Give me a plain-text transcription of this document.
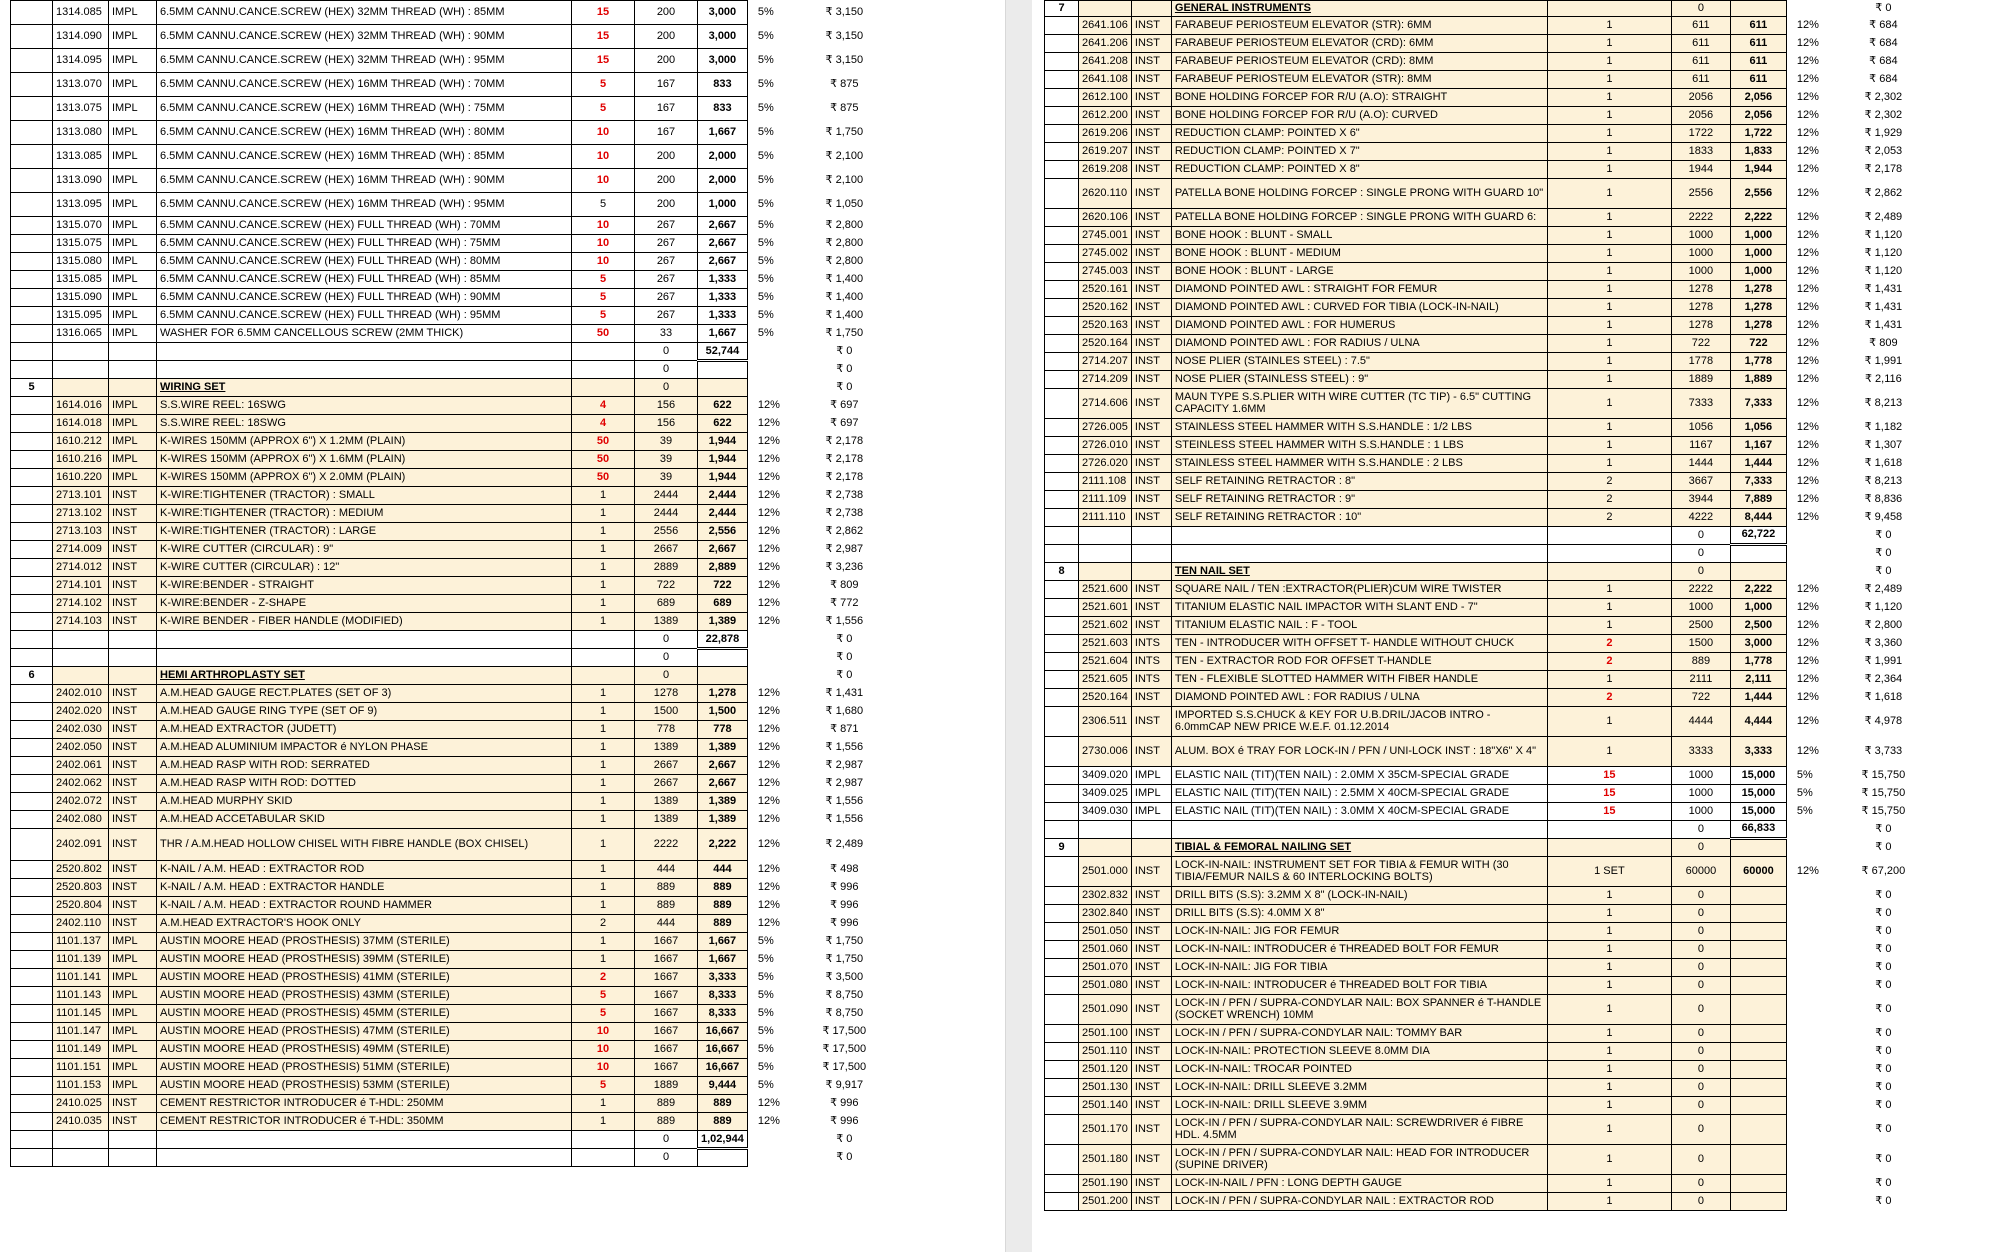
	1314.085	IMPL	6.5MM CANNU.CANCE.SCREW (HEX) 32MM THREAD (WH) : 85MM	15	200	3,000	5%	₹ 3,150
	1314.090	IMPL	6.5MM CANNU.CANCE.SCREW (HEX) 32MM THREAD (WH) : 90MM	15	200	3,000	5%	₹ 3,150
	1314.095	IMPL	6.5MM CANNU.CANCE.SCREW (HEX) 32MM THREAD (WH) : 95MM	15	200	3,000	5%	₹ 3,150
	1313.070	IMPL	6.5MM CANNU.CANCE.SCREW (HEX) 16MM THREAD (WH) : 70MM	5	167	833	5%	₹ 875
	1313.075	IMPL	6.5MM CANNU.CANCE.SCREW (HEX) 16MM THREAD (WH) : 75MM	5	167	833	5%	₹ 875
	1313.080	IMPL	6.5MM CANNU.CANCE.SCREW (HEX) 16MM THREAD (WH) : 80MM	10	167	1,667	5%	₹ 1,750
	1313.085	IMPL	6.5MM CANNU.CANCE.SCREW (HEX) 16MM THREAD (WH) : 85MM	10	200	2,000	5%	₹ 2,100
	1313.090	IMPL	6.5MM CANNU.CANCE.SCREW (HEX) 16MM THREAD (WH) : 90MM	10	200	2,000	5%	₹ 2,100
	1313.095	IMPL	6.5MM CANNU.CANCE.SCREW (HEX) 16MM THREAD (WH) : 95MM	5	200	1,000	5%	₹ 1,050
	1315.070	IMPL	6.5MM CANNU.CANCE.SCREW (HEX) FULL THREAD (WH) : 70MM	10	267	2,667	5%	₹ 2,800
	1315.075	IMPL	6.5MM CANNU.CANCE.SCREW (HEX) FULL THREAD (WH) : 75MM	10	267	2,667	5%	₹ 2,800
	1315.080	IMPL	6.5MM CANNU.CANCE.SCREW (HEX) FULL THREAD (WH) : 80MM	10	267	2,667	5%	₹ 2,800
	1315.085	IMPL	6.5MM CANNU.CANCE.SCREW (HEX) FULL THREAD (WH) : 85MM	5	267	1,333	5%	₹ 1,400
	1315.090	IMPL	6.5MM CANNU.CANCE.SCREW (HEX) FULL THREAD (WH) : 90MM	5	267	1,333	5%	₹ 1,400
	1315.095	IMPL	6.5MM CANNU.CANCE.SCREW (HEX) FULL THREAD (WH) : 95MM	5	267	1,333	5%	₹ 1,400
	1316.065	IMPL	WASHER FOR 6.5MM CANCELLOUS SCREW (2MM THICK)	50	33	1,667	5%	₹ 1,750
					0	52,744		₹ 0
					0			₹ 0
5			WIRING SET		0			₹ 0
	1614.016	IMPL	S.S.WIRE REEL: 16SWG	4	156	622	12%	₹ 697
	1614.018	IMPL	S.S.WIRE REEL: 18SWG	4	156	622	12%	₹ 697
	1610.212	IMPL	K-WIRES 150MM (APPROX 6") X 1.2MM (PLAIN)	50	39	1,944	12%	₹ 2,178
	1610.216	IMPL	K-WIRES 150MM (APPROX 6") X 1.6MM (PLAIN)	50	39	1,944	12%	₹ 2,178
	1610.220	IMPL	K-WIRES 150MM (APPROX 6") X 2.0MM (PLAIN)	50	39	1,944	12%	₹ 2,178
	2713.101	INST	K-WIRE:TIGHTENER (TRACTOR) : SMALL	1	2444	2,444	12%	₹ 2,738
	2713.102	INST	K-WIRE:TIGHTENER (TRACTOR) : MEDIUM	1	2444	2,444	12%	₹ 2,738
	2713.103	INST	K-WIRE:TIGHTENER (TRACTOR) : LARGE	1	2556	2,556	12%	₹ 2,862
	2714.009	INST	K-WIRE CUTTER (CIRCULAR) : 9"	1	2667	2,667	12%	₹ 2,987
	2714.012	INST	K-WIRE CUTTER (CIRCULAR) : 12"	1	2889	2,889	12%	₹ 3,236
	2714.101	INST	K-WIRE:BENDER - STRAIGHT	1	722	722	12%	₹ 809
	2714.102	INST	K-WIRE:BENDER - Z-SHAPE	1	689	689	12%	₹ 772
	2714.103	INST	K-WIRE BENDER - FIBER HANDLE (MODIFIED)	1	1389	1,389	12%	₹ 1,556
					0	22,878		₹ 0
					0			₹ 0
6			HEMI ARTHROPLASTY SET		0			₹ 0
	2402.010	INST	A.M.HEAD GAUGE RECT.PLATES (SET OF 3)	1	1278	1,278	12%	₹ 1,431
	2402.020	INST	A.M.HEAD GAUGE RING TYPE (SET OF 9)	1	1500	1,500	12%	₹ 1,680
	2402.030	INST	A.M.HEAD EXTRACTOR (JUDETT)	1	778	778	12%	₹ 871
	2402.050	INST	A.M.HEAD ALUMINIUM IMPACTOR é NYLON PHASE	1	1389	1,389	12%	₹ 1,556
	2402.061	INST	A.M.HEAD RASP WITH ROD: SERRATED	1	2667	2,667	12%	₹ 2,987
	2402.062	INST	A.M.HEAD RASP WITH ROD: DOTTED	1	2667	2,667	12%	₹ 2,987
	2402.072	INST	A.M.HEAD MURPHY SKID	1	1389	1,389	12%	₹ 1,556
	2402.080	INST	A.M.HEAD ACCETABULAR SKID	1	1389	1,389	12%	₹ 1,556
	2402.091	INST	THR / A.M.HEAD HOLLOW CHISEL WITH FIBRE HANDLE (BOX CHISEL)	1	2222	2,222	12%	₹ 2,489
	2520.802	INST	K-NAIL / A.M. HEAD : EXTRACTOR ROD	1	444	444	12%	₹ 498
	2520.803	INST	K-NAIL / A.M. HEAD : EXTRACTOR HANDLE	1	889	889	12%	₹ 996
	2520.804	INST	K-NAIL / A.M. HEAD : EXTRACTOR ROUND HAMMER	1	889	889	12%	₹ 996
	2402.110	INST	A.M.HEAD EXTRACTOR'S HOOK ONLY	2	444	889	12%	₹ 996
	1101.137	IMPL	AUSTIN MOORE HEAD (PROSTHESIS) 37MM (STERILE)	1	1667	1,667	5%	₹ 1,750
	1101.139	IMPL	AUSTIN MOORE HEAD (PROSTHESIS) 39MM (STERILE)	1	1667	1,667	5%	₹ 1,750
	1101.141	IMPL	AUSTIN MOORE HEAD (PROSTHESIS) 41MM (STERILE)	2	1667	3,333	5%	₹ 3,500
	1101.143	IMPL	AUSTIN MOORE HEAD (PROSTHESIS) 43MM (STERILE)	5	1667	8,333	5%	₹ 8,750
	1101.145	IMPL	AUSTIN MOORE HEAD (PROSTHESIS) 45MM (STERILE)	5	1667	8,333	5%	₹ 8,750
	1101.147	IMPL	AUSTIN MOORE HEAD (PROSTHESIS) 47MM (STERILE)	10	1667	16,667	5%	₹ 17,500
	1101.149	IMPL	AUSTIN MOORE HEAD (PROSTHESIS) 49MM (STERILE)	10	1667	16,667	5%	₹ 17,500
	1101.151	IMPL	AUSTIN MOORE HEAD (PROSTHESIS) 51MM (STERILE)	10	1667	16,667	5%	₹ 17,500
	1101.153	IMPL	AUSTIN MOORE HEAD (PROSTHESIS) 53MM (STERILE)	5	1889	9,444	5%	₹ 9,917
	2410.025	INST	CEMENT RESTRICTOR INTRODUCER é T-HDL: 250MM	1	889	889	12%	₹ 996
	2410.035	INST	CEMENT RESTRICTOR INTRODUCER é T-HDL: 350MM	1	889	889	12%	₹ 996
					0	1,02,944		₹ 0
					0			₹ 0
7			GENERAL INSTRUMENTS		0			₹ 0
	2641.106	INST	FARABEUF PERIOSTEUM ELEVATOR (STR): 6MM	1	611	611	12%	₹ 684
	2641.206	INST	FARABEUF PERIOSTEUM ELEVATOR (CRD): 6MM	1	611	611	12%	₹ 684
	2641.208	INST	FARABEUF PERIOSTEUM ELEVATOR (CRD): 8MM	1	611	611	12%	₹ 684
	2641.108	INST	FARABEUF PERIOSTEUM ELEVATOR (STR): 8MM	1	611	611	12%	₹ 684
	2612.100	INST	BONE HOLDING FORCEP FOR R/U (A.O): STRAIGHT	1	2056	2,056	12%	₹ 2,302
	2612.200	INST	BONE HOLDING FORCEP FOR R/U (A.O): CURVED	1	2056	2,056	12%	₹ 2,302
	2619.206	INST	REDUCTION CLAMP: POINTED X 6"	1	1722	1,722	12%	₹ 1,929
	2619.207	INST	REDUCTION CLAMP: POINTED X 7"	1	1833	1,833	12%	₹ 2,053
	2619.208	INST	REDUCTION CLAMP: POINTED X 8"	1	1944	1,944	12%	₹ 2,178
	2620.110	INST	PATELLA BONE HOLDING FORCEP : SINGLE PRONG WITH GUARD 10"	1	2556	2,556	12%	₹ 2,862
	2620.106	INST	PATELLA BONE HOLDING FORCEP : SINGLE PRONG WITH GUARD 6:	1	2222	2,222	12%	₹ 2,489
	2745.001	INST	BONE HOOK : BLUNT - SMALL	1	1000	1,000	12%	₹ 1,120
	2745.002	INST	BONE HOOK : BLUNT - MEDIUM	1	1000	1,000	12%	₹ 1,120
	2745.003	INST	BONE HOOK : BLUNT - LARGE	1	1000	1,000	12%	₹ 1,120
	2520.161	INST	DIAMOND POINTED AWL : STRAIGHT FOR FEMUR	1	1278	1,278	12%	₹ 1,431
	2520.162	INST	DIAMOND POINTED AWL : CURVED FOR TIBIA (LOCK-IN-NAIL)	1	1278	1,278	12%	₹ 1,431
	2520.163	INST	DIAMOND POINTED AWL : FOR HUMERUS	1	1278	1,278	12%	₹ 1,431
	2520.164	INST	DIAMOND POINTED AWL : FOR RADIUS / ULNA	1	722	722	12%	₹ 809
	2714.207	INST	NOSE PLIER (STAINLES STEEL) : 7.5"	1	1778	1,778	12%	₹ 1,991
	2714.209	INST	NOSE PLIER (STAINLESS STEEL) : 9"	1	1889	1,889	12%	₹ 2,116
	2714.606	INST	MAUN TYPE S.S.PLIER WITH WIRE CUTTER (TC TIP) - 6.5" CUTTING CAPACITY 1.6MM	1	7333	7,333	12%	₹ 8,213
	2726.005	INST	STAINLESS STEEL HAMMER WITH S.S.HANDLE : 1/2 LBS	1	1056	1,056	12%	₹ 1,182
	2726.010	INST	STEINLESS STEEL HAMMER WITH S.S.HANDLE : 1 LBS	1	1167	1,167	12%	₹ 1,307
	2726.020	INST	STAINLESS STEEL HAMMER WITH S.S.HANDLE : 2 LBS	1	1444	1,444	12%	₹ 1,618
	2111.108	INST	SELF RETAINING RETRACTOR : 8"	2	3667	7,333	12%	₹ 8,213
	2111.109	INST	SELF RETAINING RETRACTOR : 9"	2	3944	7,889	12%	₹ 8,836
	2111.110	INST	SELF RETAINING RETRACTOR : 10"	2	4222	8,444	12%	₹ 9,458
					0	62,722		₹ 0
					0			₹ 0
8			TEN NAIL SET		0			₹ 0
	2521.600	INST	SQUARE NAIL / TEN :EXTRACTOR(PLIER)CUM WIRE TWISTER	1	2222	2,222	12%	₹ 2,489
	2521.601	INST	TITANIUM ELASTIC NAIL IMPACTOR WITH SLANT END - 7"	1	1000	1,000	12%	₹ 1,120
	2521.602	INST	TITANIUM ELASTIC NAIL : F - TOOL	1	2500	2,500	12%	₹ 2,800
	2521.603	INTS	TEN - INTRODUCER WITH OFFSET T- HANDLE WITHOUT CHUCK	2	1500	3,000	12%	₹ 3,360
	2521.604	INTS	TEN - EXTRACTOR ROD FOR OFFSET T-HANDLE	2	889	1,778	12%	₹ 1,991
	2521.605	INTS	TEN - FLEXIBLE SLOTTED HAMMER WITH FIBER HANDLE	1	2111	2,111	12%	₹ 2,364
	2520.164	INST	DIAMOND POINTED AWL : FOR RADIUS / ULNA	2	722	1,444	12%	₹ 1,618
	2306.511	INST	IMPORTED S.S.CHUCK & KEY FOR U.B.DRIL/JACOB INTRO - 6.0mmCAP NEW PRICE W.E.F. 01.12.2014	1	4444	4,444	12%	₹ 4,978
	2730.006	INST	ALUM. BOX é TRAY FOR LOCK-IN / PFN / UNI-LOCK INST : 18"X6" X 4"	1	3333	3,333	12%	₹ 3,733
	3409.020	IMPL	ELASTIC NAIL (TIT)(TEN NAIL) : 2.0MM X 35CM-SPECIAL GRADE	15	1000	15,000	5%	₹ 15,750
	3409.025	IMPL	ELASTIC NAIL (TIT)(TEN NAIL) : 2.5MM X 40CM-SPECIAL GRADE	15	1000	15,000	5%	₹ 15,750
	3409.030	IMPL	ELASTIC NAIL (TIT)(TEN NAIL) : 3.0MM X 40CM-SPECIAL GRADE	15	1000	15,000	5%	₹ 15,750
					0	66,833		₹ 0
9			TIBIAL & FEMORAL NAILING SET		0			₹ 0
	2501.000	INST	LOCK-IN-NAIL: INSTRUMENT SET FOR TIBIA & FEMUR WITH (30 TIBIA/FEMUR NAILS & 60 INTERLOCKING BOLTS)	1 SET	60000	60000	12%	₹ 67,200
	2302.832	INST	DRILL BITS (S.S): 3.2MM X 8" (LOCK-IN-NAIL)	1	0			₹ 0
	2302.840	INST	DRILL BITS (S.S): 4.0MM X 8"	1	0			₹ 0
	2501.050	INST	LOCK-IN-NAIL: JIG FOR FEMUR	1	0			₹ 0
	2501.060	INST	LOCK-IN-NAIL: INTRODUCER é THREADED BOLT FOR FEMUR	1	0			₹ 0
	2501.070	INST	LOCK-IN-NAIL: JIG FOR TIBIA	1	0			₹ 0
	2501.080	INST	LOCK-IN-NAIL: INTRODUCER é THREADED BOLT FOR TIBIA	1	0			₹ 0
	2501.090	INST	LOCK-IN / PFN / SUPRA-CONDYLAR NAIL: BOX SPANNER é T-HANDLE (SOCKET WRENCH) 10MM	1	0			₹ 0
	2501.100	INST	LOCK-IN / PFN / SUPRA-CONDYLAR NAIL: TOMMY BAR	1	0			₹ 0
	2501.110	INST	LOCK-IN-NAIL: PROTECTION SLEEVE 8.0MM DIA	1	0			₹ 0
	2501.120	INST	LOCK-IN-NAIL: TROCAR POINTED	1	0			₹ 0
	2501.130	INST	LOCK-IN-NAIL: DRILL SLEEVE 3.2MM	1	0			₹ 0
	2501.140	INST	LOCK-IN-NAIL: DRILL SLEEVE 3.9MM	1	0			₹ 0
	2501.170	INST	LOCK-IN / PFN / SUPRA-CONDYLAR NAIL: SCREWDRIVER é FIBRE HDL. 4.5MM	1	0			₹ 0
	2501.180	INST	LOCK-IN / PFN / SUPRA-CONDYLAR NAIL: HEAD FOR INTRODUCER (SUPINE DRIVER)	1	0			₹ 0
	2501.190	INST	LOCK-IN-NAIL / PFN : LONG DEPTH GAUGE	1	0			₹ 0
	2501.200	INST	LOCK-IN / PFN / SUPRA-CONDYLAR NAIL : EXTRACTOR ROD	1	0			₹ 0
